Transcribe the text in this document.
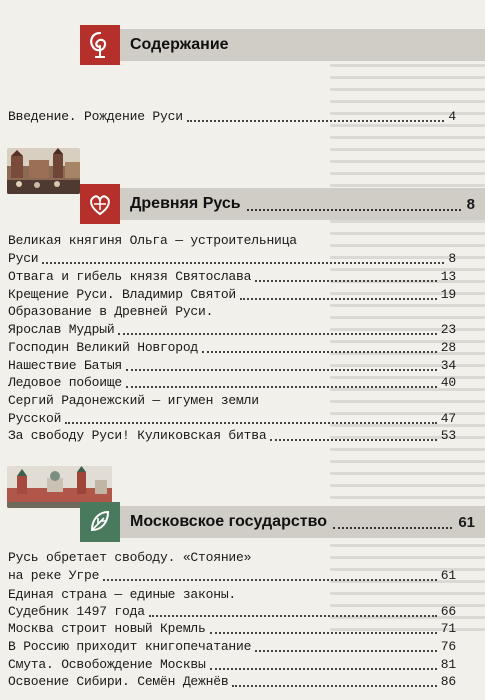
Содержание
Древняя Русь	8
Московское государство	61
Введение. Рождение Руси	4
Великая княгиня Ольга — устроительница
Руси	8
Отвага и гибель князя Святослава	13
Крещение Руси. Владимир Святой	19
Образование в Древней Руси.
Ярослав Мудрый	23
Господин Великий Новгород	28
Нашествие Батыя	34
Ледовое побоище	40
Сергий Радонежский — игумен земли
Русской	47
За свободу Руси! Куликовская битва	53
Русь обретает свободу. «Стояние»
на реке Угре	61
Единая страна — единые законы.
Судебник 1497 года	66
Москва строит новый Кремль	71
В Россию приходит книгопечатание	76
Смута. Освобождение Москвы	81
Освоение Сибири. Семён Дежнёв	86
